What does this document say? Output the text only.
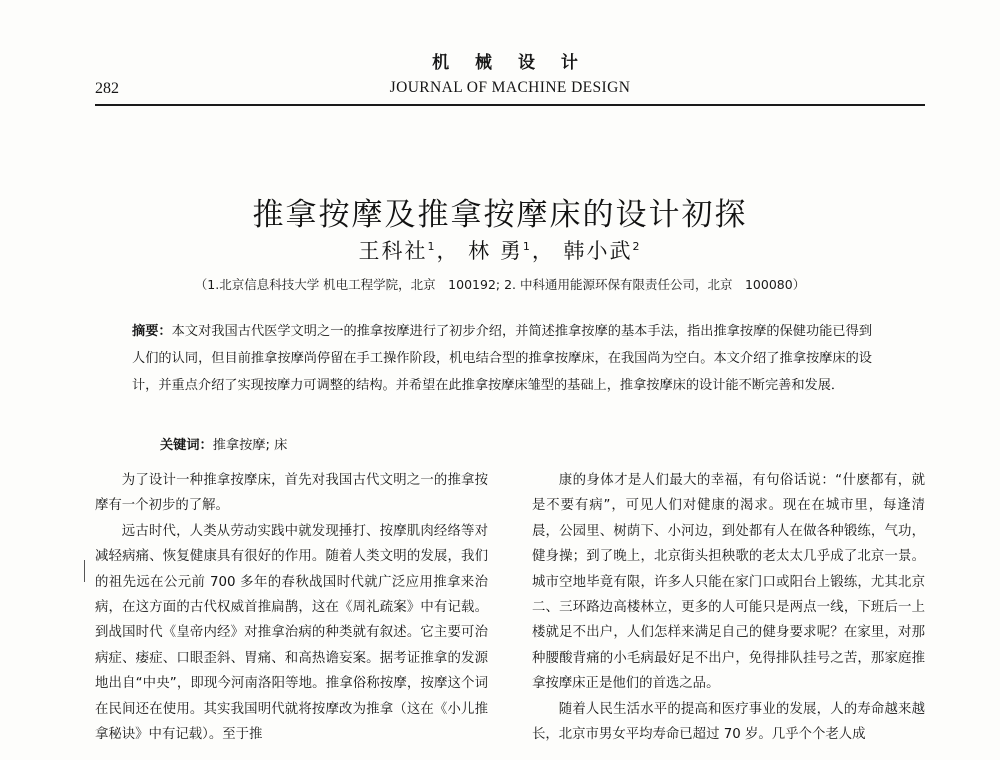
282
机 械 设 计
JOURNAL OF MACHINE DESIGN
推拿按摩及推拿按摩床的设计初探
王科社$^1$， 林 勇$^1$， 韩小武$^2$
（1.北京信息科技大学 机电工程学院，北京　100192; 2. 中科通用能源环保有限责任公司，北京　100080）
摘要：本文对我国古代医学文明之一的推拿按摩进行了初步介绍，并简述推拿按摩的基本手法，指出推拿按摩的保健功能已得到人们的认同，但目前推拿按摩尚停留在手工操作阶段，机电结合型的推拿按摩床，在我国尚为空白。本文介绍了推拿按摩床的设计，并重点介绍了实现按摩力可调整的结构。并希望在此推拿按摩床雏型的基础上，推拿按摩床的设计能不断完善和发展．
关键词：推拿按摩; 床

为了设计一种推拿按摩床，首先对我国古代文明之一的推拿按摩有一个初步的了解。

远古时代，人类从劳动实践中就发现捶打、按摩肌肉经络等对减轻病痛、恢复健康具有很好的作用。随着人类文明的发展，我们的祖先远在公元前 700 多年的春秋战国时代就广泛应用推拿来治病，在这方面的古代权威首推扁鹊，这在《周礼疏案》中有记载。到战国时代《皇帝内经》对推拿治病的种类就有叙述。它主要可治病症、痿症、口眼歪斜、胃痛、和高热谵妄案。据考证推拿的发源地出自“中央”，即现今河南洛阳等地。推拿俗称按摩，按摩这个词在民间还在使用。其实我国明代就将按摩改为推拿（这在《小儿推拿秘诀》中有记载）。至于推

康的身体才是人们最大的幸福，有句俗话说：“什麽都有，就是不要有病”，可见人们对健康的渴求。现在在城市里，每逢清晨，公园里、树荫下、小河边，到处都有人在做各种锻练，气功，健身操；到了晚上，北京街头担秧歌的老太太几乎成了北京一景。城市空地毕竟有限，许多人只能在家门口或阳台上锻练，尤其北京二、三环路边高楼林立，更多的人可能只是两点一线，下班后一上楼就足不出户，人们怎样来满足自己的健身要求呢？在家里，对那种腰酸背痛的小毛病最好足不出户，免得排队挂号之苦，那家庭推拿按摩床正是他们的首选之品。

随着人民生活水平的提高和医疗事业的发展，人的寿命越来越长，北京市男女平均寿命已超过 70 岁。几乎个个老人成
